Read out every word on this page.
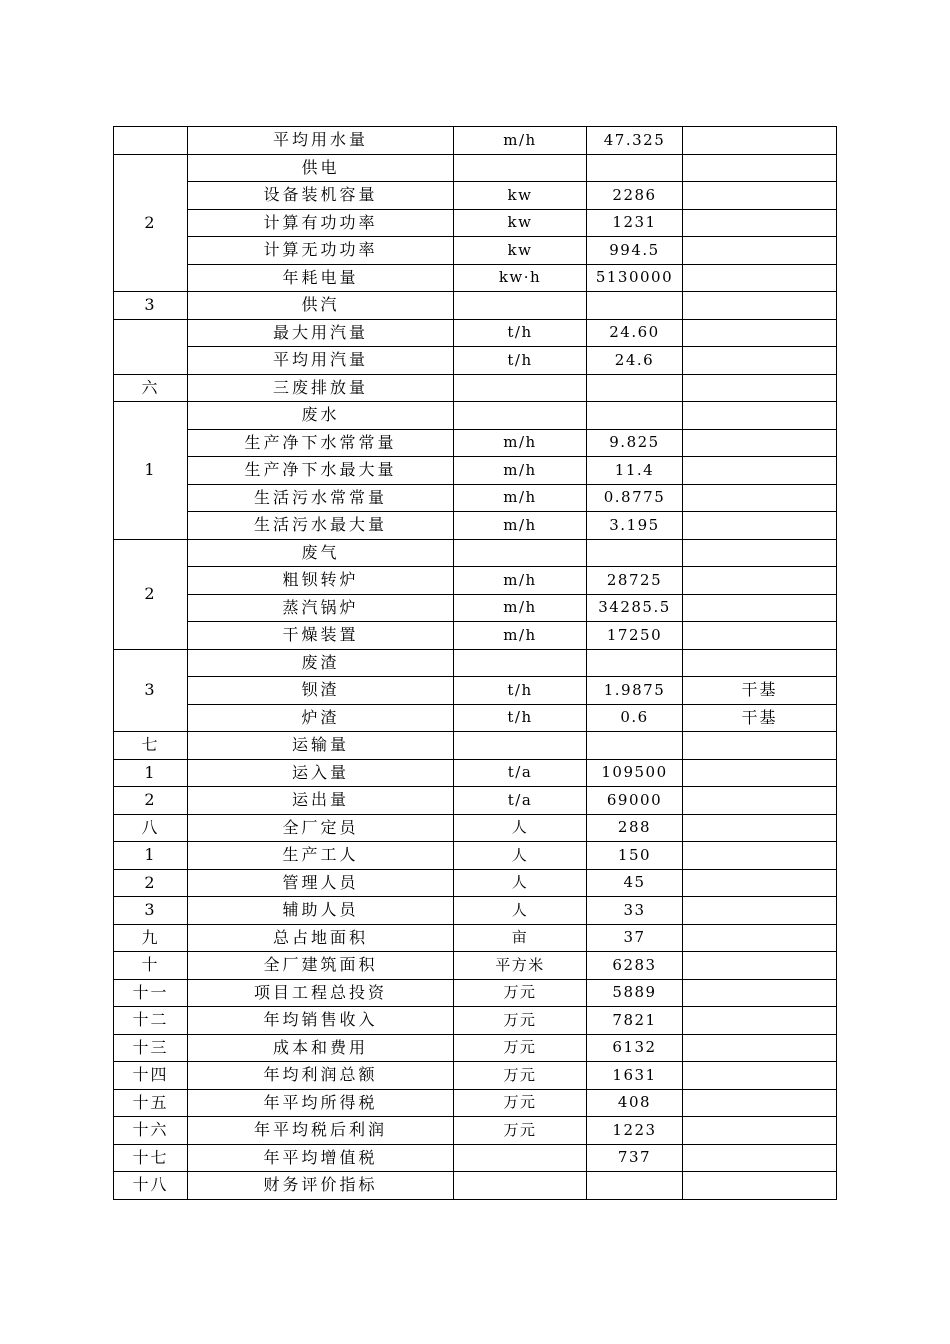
	平均用水量	m/h	47.325	
2	供电			
	设备装机容量	kw	2286	
	计算有功功率	kw	1231	
	计算无功功率	kw	994.5	
	年耗电量	kw·h	5130000	
3	供汽			
	最大用汽量	t/h	24.60	
	平均用汽量	t/h	24.6	
六	三废排放量			
1	废水			
	生产净下水常常量	m/h	9.825	
	生产净下水最大量	m/h	11.4	
	生活污水常常量	m/h	0.8775	
	生活污水最大量	m/h	3.195	
2	废气			
	粗钡转炉	m/h	28725	
	蒸汽锅炉	m/h	34285.5	
	干燥装置	m/h	17250	
3	废渣			
	钡渣	t/h	1.9875	干基
	炉渣	t/h	0.6	干基
七	运输量			
1	运入量	t/a	109500	
2	运出量	t/a	69000	
八	全厂定员	人	288	
1	生产工人	人	150	
2	管理人员	人	45	
3	辅助人员	人	33	
九	总占地面积	亩	37	
十	全厂建筑面积	平方米	6283	
十一	项目工程总投资	万元	5889	
十二	年均销售收入	万元	7821	
十三	成本和费用	万元	6132	
十四	年均利润总额	万元	1631	
十五	年平均所得税	万元	408	
十六	年平均税后利润	万元	1223	
十七	年平均增值税		737	
十八	财务评价指标			
